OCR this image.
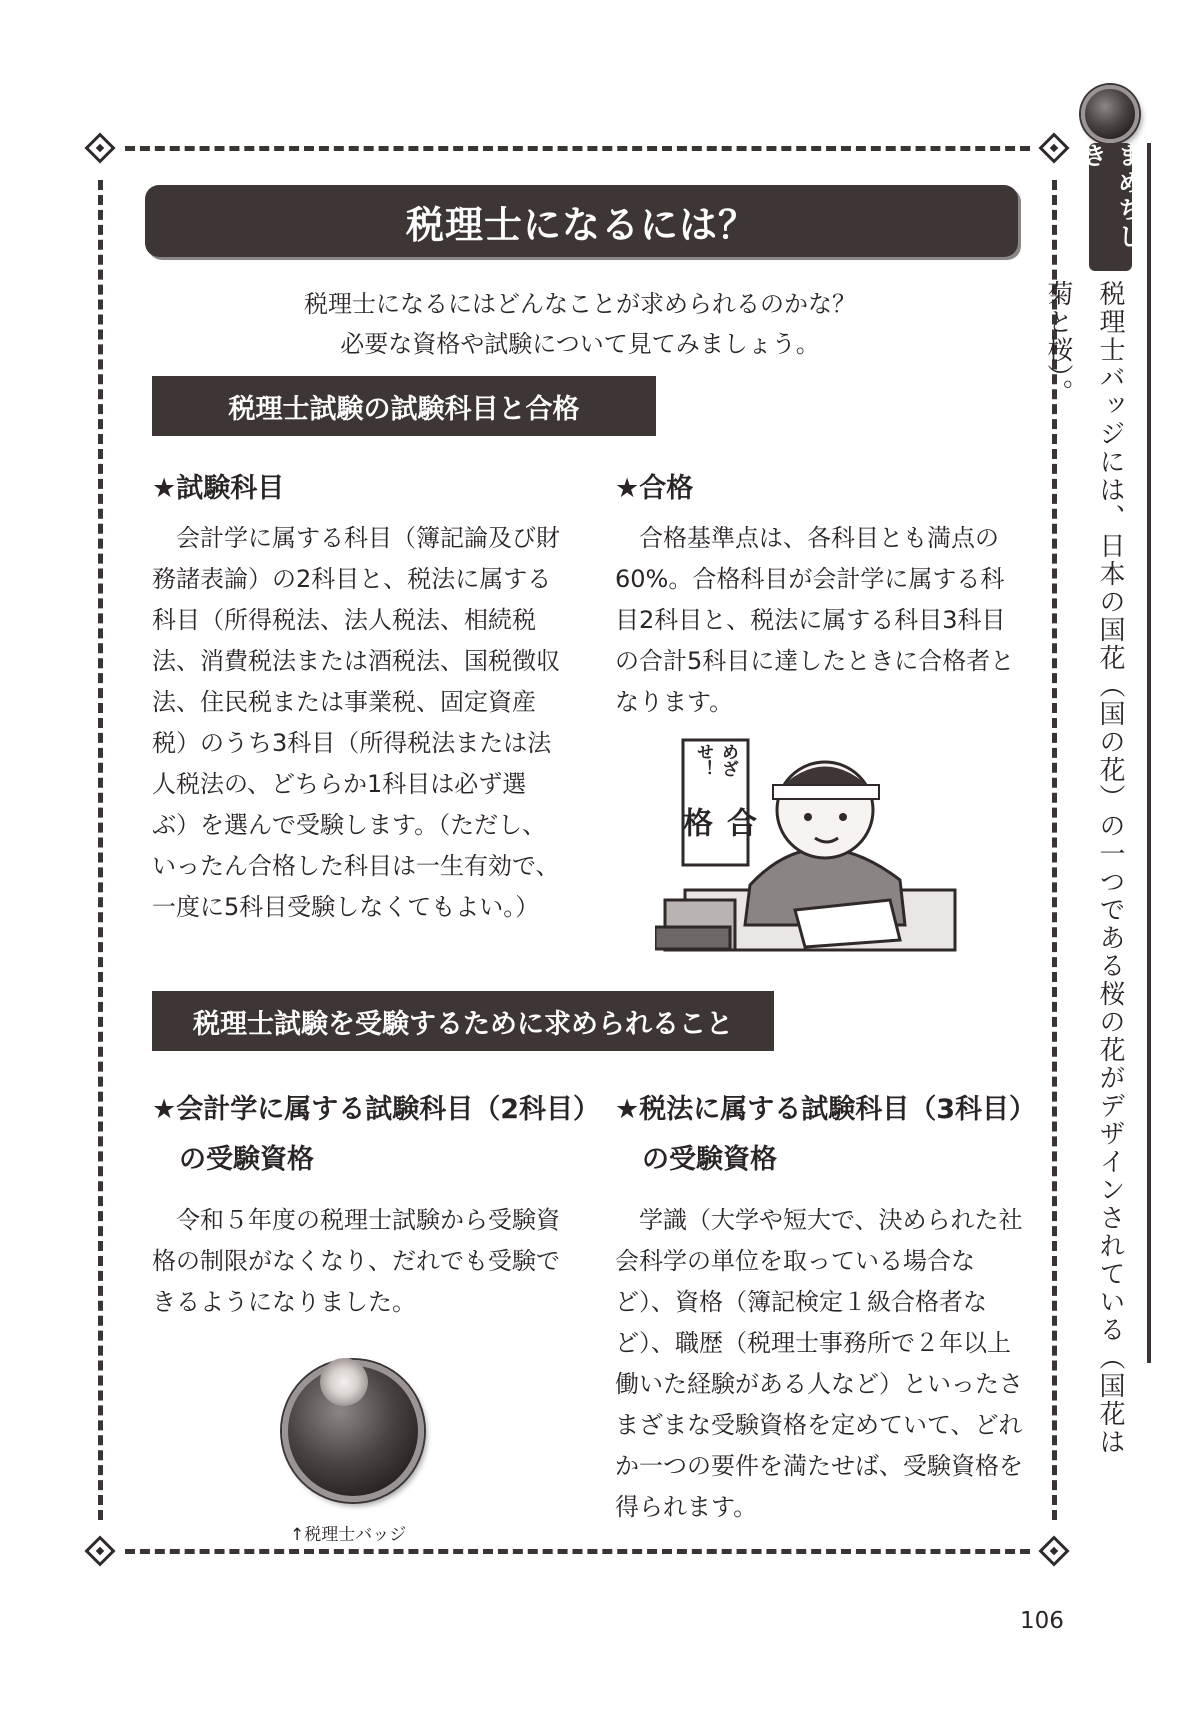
税理士になるには？
税理士になるにはどんなことが求められるのかな？
必要な資格や試験について見てみましょう。
税理士試験の試験科目と合格
★試験科目
会計学に属する科目（簿記論及び財務諸表論）の2科目と、税法に属する科目（所得税法、法人税法、相続税法、消費税法または酒税法、国税徴収法、住民税または事業税、固定資産税）のうち3科目（所得税法または法人税法の、どちらか1科目は必ず選ぶ）を選んで受験します。（ただし、いったん合格した科目は一生有効で、一度に5科目受験しなくてもよい。）
★合格
合格基準点は、各科目とも満点の60%。合格科目が会計学に属する科目2科目と、税法に属する科目3科目の合計5科目に達したときに合格者となります。
めざせ！
合格
税理士試験を受験するために求められること
★会計学に属する試験科目（2科目）
の受験資格
令和５年度の税理士試験から受験資格の制限がなくなり、だれでも受験できるようになりました。
★税法に属する試験科目（3科目）
の受験資格
学識（大学や短大で、決められた社会科学の単位を取っている場合など）、資格（簿記検定１級合格者など）、職歴（税理士事務所で２年以上働いた経験がある人など）といったさまざまな受験資格を定めていて、どれか一つの要件を満たせば、受験資格を得られます。
↑税理士バッジ
まめちしき
税理士バッジには、日本の国花（国の花）の一つである桜の花がデザインされている（国花は菊と桜）。
106
